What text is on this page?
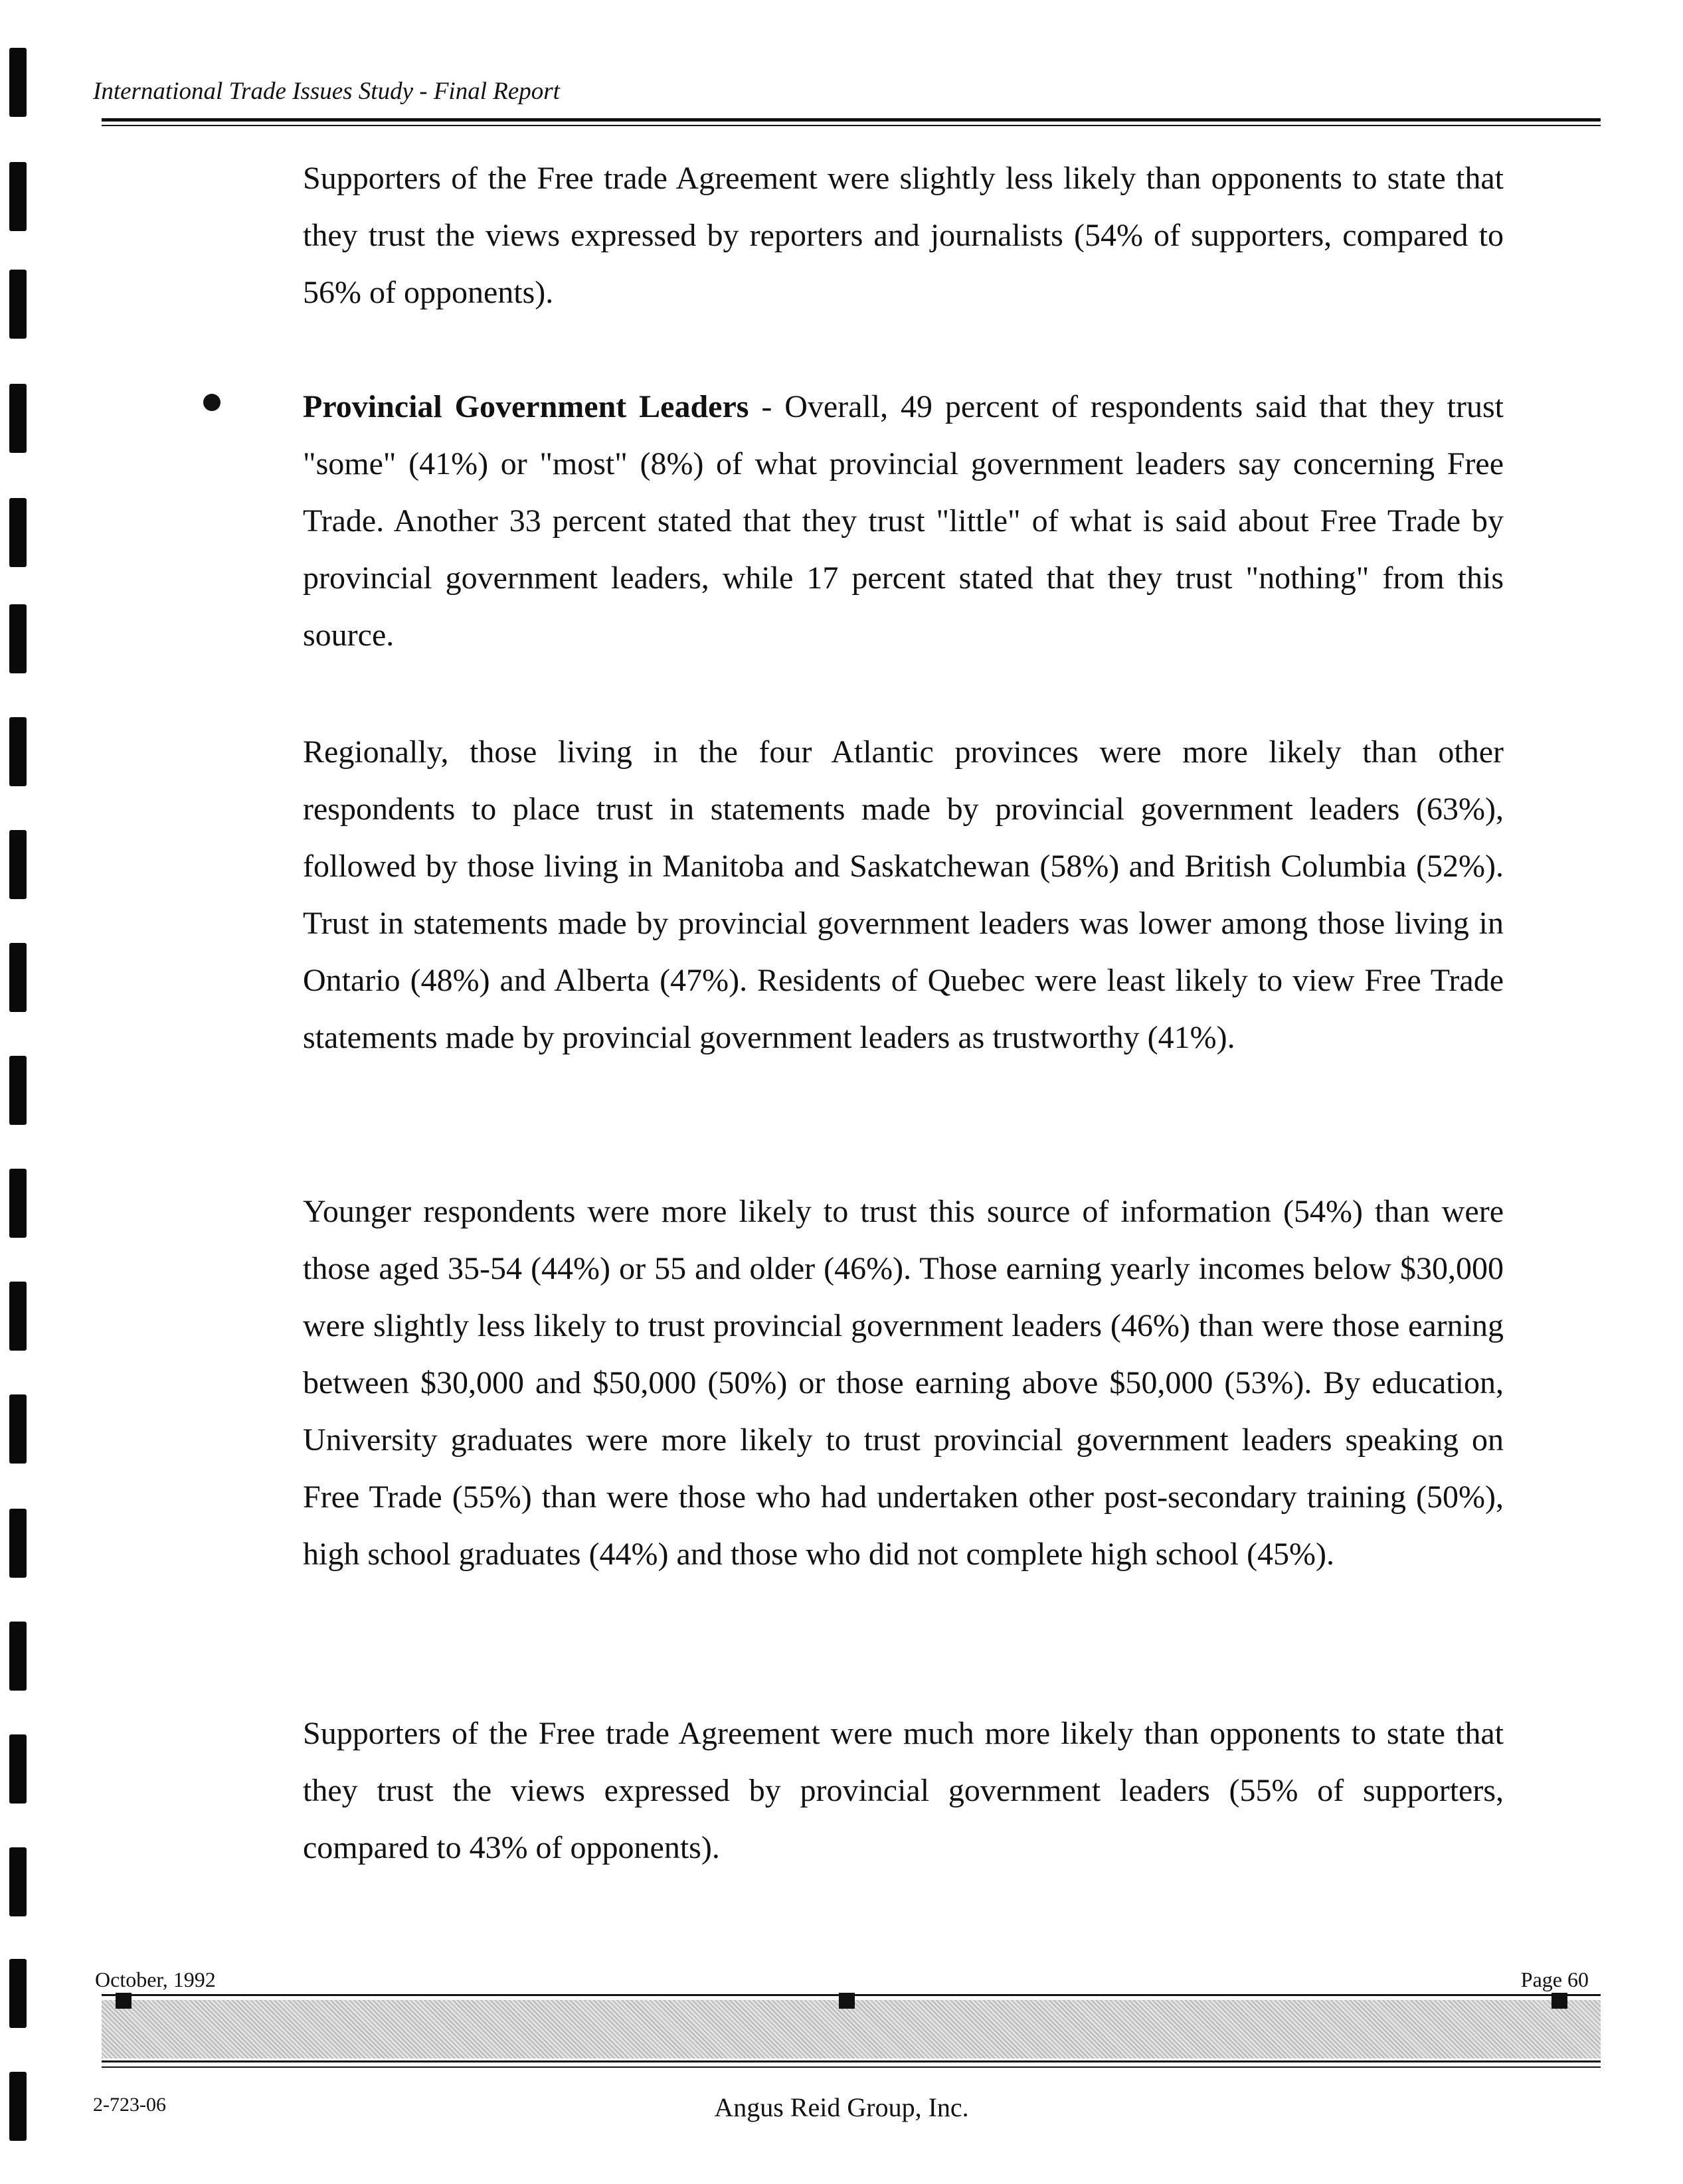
International Trade Issues Study - Final Report

Supporters of the Free trade Agreement were slightly less likely than opponents to state that they trust the views expressed by reporters and journalists (54% of supporters, compared to 56% of opponents).

Provincial Government Leaders - Overall, 49 percent of respondents said that they trust "some" (41%) or "most" (8%) of what provincial government leaders say concerning Free Trade. Another 33 percent stated that they trust "little" of what is said about Free Trade by provincial government leaders, while 17 percent stated that they trust "nothing" from this source.

Regionally, those living in the four Atlantic provinces were more likely than other respondents to place trust in statements made by provincial government leaders (63%), followed by those living in Manitoba and Saskatchewan (58%) and British Columbia (52%). Trust in statements made by provincial government leaders was lower among those living in Ontario (48%) and Alberta (47%). Residents of Quebec were least likely to view Free Trade statements made by provincial government leaders as trustworthy (41%).

Younger respondents were more likely to trust this source of information (54%) than were those aged 35-54 (44%) or 55 and older (46%). Those earning yearly incomes below $30,000 were slightly less likely to trust provincial government leaders (46%) than were those earning between $30,000 and $50,000 (50%) or those earning above $50,000 (53%). By education, University graduates were more likely to trust provincial government leaders speaking on Free Trade (55%) than were those who had undertaken other post-secondary training (50%), high school graduates (44%) and those who did not complete high school (45%).

Supporters of the Free trade Agreement were much more likely than opponents to state that they trust the views expressed by provincial government leaders (55% of supporters, compared to 43% of opponents).

October, 1992	Page 60
2-723-06	Angus Reid Group, Inc.
